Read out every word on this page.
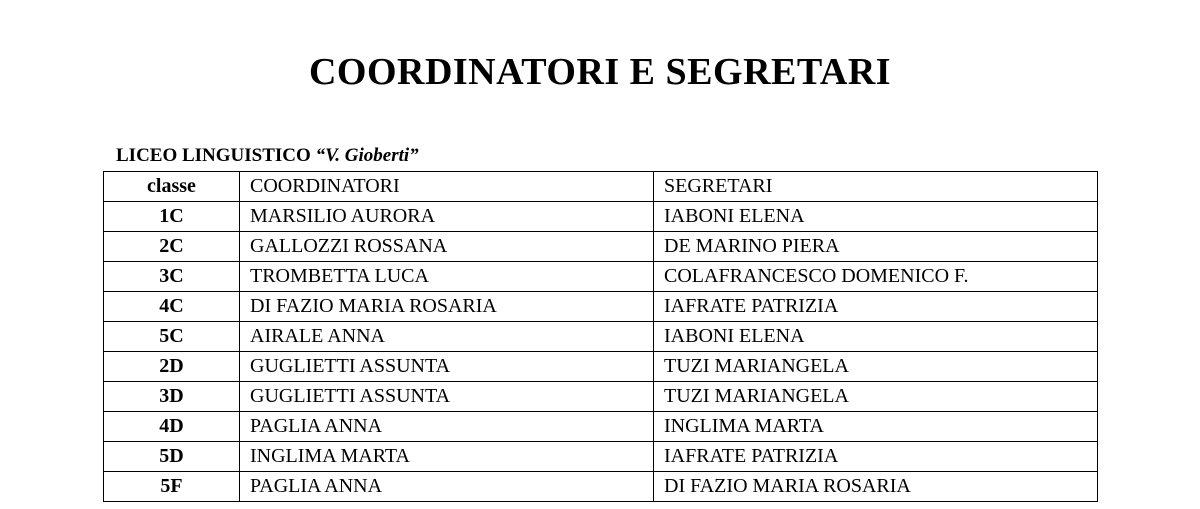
COORDINATORI E SEGRETARI
LICEO LINGUISTICO “V. Gioberti”
classe	COORDINATORI	SEGRETARI
1C	MARSILIO AURORA	IABONI ELENA
2C	GALLOZZI ROSSANA	DE MARINO PIERA
3C	TROMBETTA LUCA	COLAFRANCESCO DOMENICO F.
4C	DI FAZIO MARIA ROSARIA	IAFRATE PATRIZIA
5C	AIRALE ANNA	IABONI ELENA
2D	GUGLIETTI ASSUNTA	TUZI MARIANGELA
3D	GUGLIETTI ASSUNTA	TUZI MARIANGELA
4D	PAGLIA ANNA	INGLIMA MARTA
5D	INGLIMA MARTA	IAFRATE PATRIZIA
5F	PAGLIA ANNA	DI FAZIO MARIA ROSARIA
